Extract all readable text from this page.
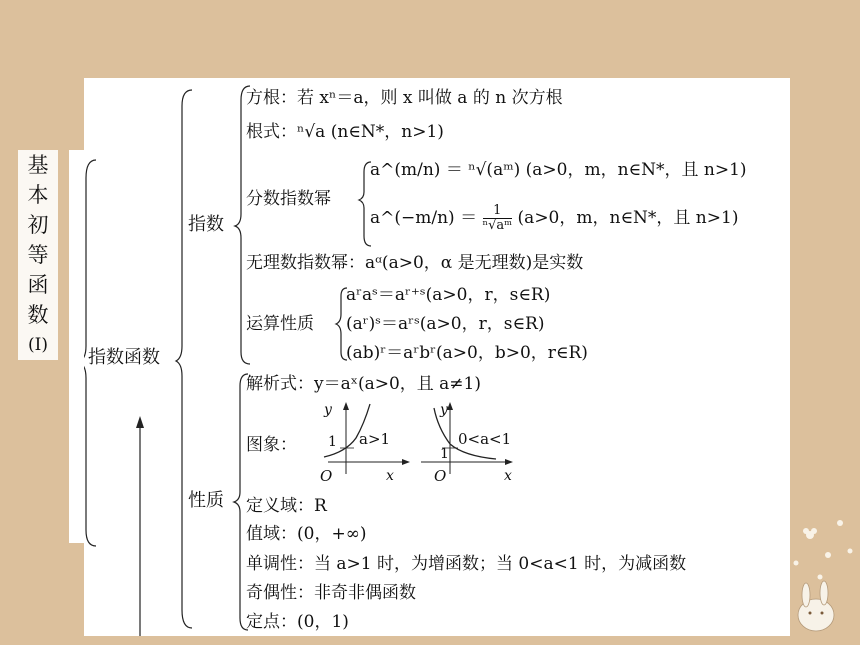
基
本
初
等
函
数
(Ⅰ)
指数函数
指数
性质
方根：若 xⁿ＝a，则 x 叫做 a 的 n 次方根
根式：ⁿ√a (n∈N*，n>1)
分数指数幂
a^(m/n) ＝ ⁿ√(aᵐ) (a>0，m，n∈N*，且 n>1)
a^(−m/n) ＝ $\frac{1}{\text{ⁿ√aᵐ}} (a>0$，m，n∈N*，且 n>1)
无理数指数幂：aᵅ(a>0，α 是无理数)是实数
运算性质
aʳaˢ＝aʳ⁺ˢ(a>0，r，s∈R)
(aʳ)ˢ＝aʳˢ(a>0，r，s∈R)
(ab)ʳ＝aʳbʳ(a>0，b>0，r∈R)
解析式：y＝aˣ(a>0，且 a≠1)
图象：
y
x
O
1 a>1
y
x
O
1
0<a<1
定义域：R
值域：(0，+∞)
单调性：当 a>1 时，为增函数；当 0<a<1 时，为减函数
奇偶性：非奇非偶函数
定点：(0，1)
